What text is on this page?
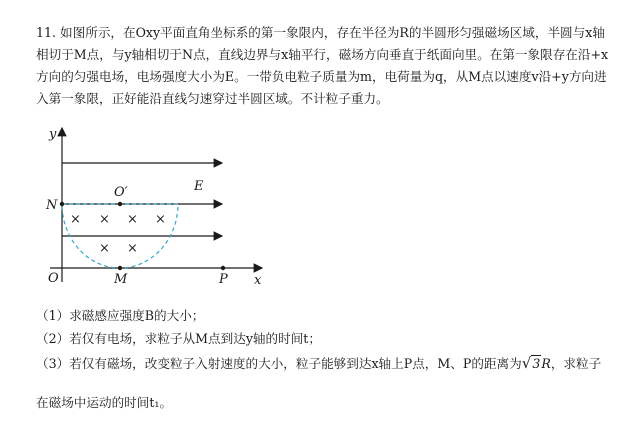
11. 如图所示，在Oxy平面直角坐标系的第一象限内，存在半径为R的半圆形匀强磁场区域，半圆与x轴相切于M点，与y轴相切于N点，直线边界与x轴平行，磁场方向垂直于纸面向里。在第一象限存在沿+x方向的匀强电场，电场强度大小为E。一带负电粒子质量为m，电荷量为q，从M点以速度v沿+y方向进入第一象限，正好能沿直线匀速穿过半圆区域。不计粒子重力。
y
x
O
E
O′
N
M	P
× × × ×
× ×
（1）求磁感应强度B的大小；
（2）若仅有电场，求粒子从M点到达y轴的时间t；
（3）若仅有磁场，改变粒子入射速度的大小，粒子能够到达x轴上P点，M、P的距离为√3R，求粒子
在磁场中运动的时间t₁。
